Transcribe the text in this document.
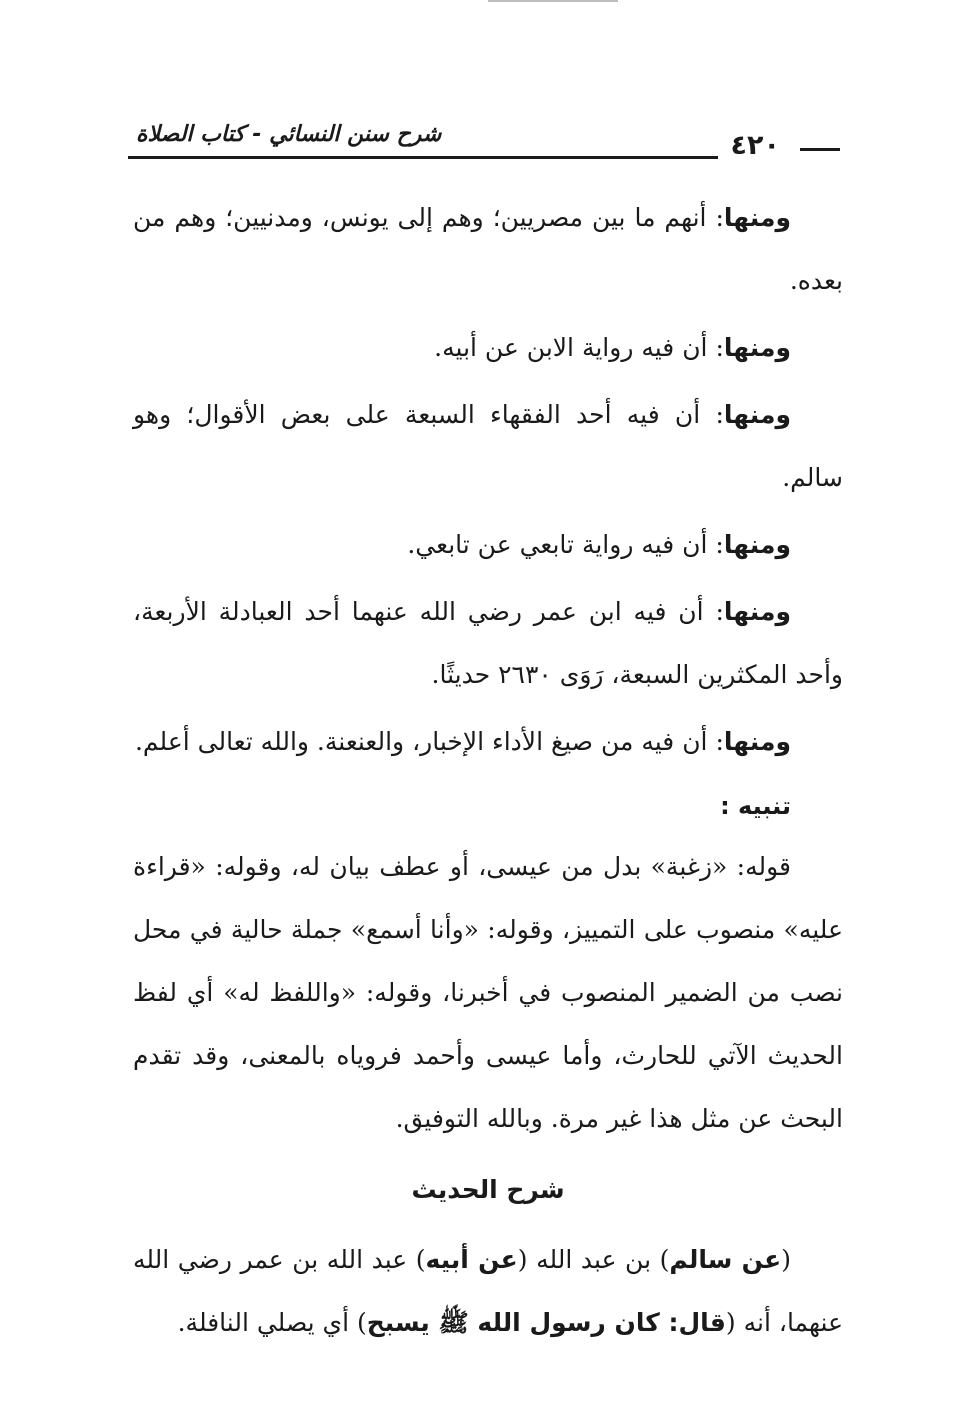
٤٢٠
شرح سنن النسائي - كتاب الصلاة

ومنها: أنهم ما بين مصريين؛ وهم إلى يونس، ومدنيين؛ وهم من بعده.

ومنها: أن فيه رواية الابن عن أبيه.

ومنها: أن فيه أحد الفقهاء السبعة على بعض الأقوال؛ وهو سالم.

ومنها: أن فيه رواية تابعي عن تابعي.

ومنها: أن فيه ابن عمر رضي الله عنهما أحد العبادلة الأربعة، وأحد المكثرين السبعة، رَوَى ٢٦٣٠ حديثًا.

ومنها: أن فيه من صيغ الأداء الإخبار، والعنعنة. والله تعالى أعلم.

تنبيه :

قوله: «زغبة» بدل من عيسى، أو عطف بيان له، وقوله: «قراءة عليه» منصوب على التمييز، وقوله: «وأنا أسمع» جملة حالية في محل نصب من الضمير المنصوب في أخبرنا، وقوله: «واللفظ له» أي لفظ الحديث الآتي للحارث، وأما عيسى وأحمد فروياه بالمعنى، وقد تقدم البحث عن مثل هذا غير مرة. وبالله التوفيق.

شرح الحديث

(عن سالم) بن عبد الله (عن أبيه) عبد الله بن عمر رضي الله عنهما، أنه (قال: كان رسول الله ﷺ يسبح) أي يصلي النافلة.
